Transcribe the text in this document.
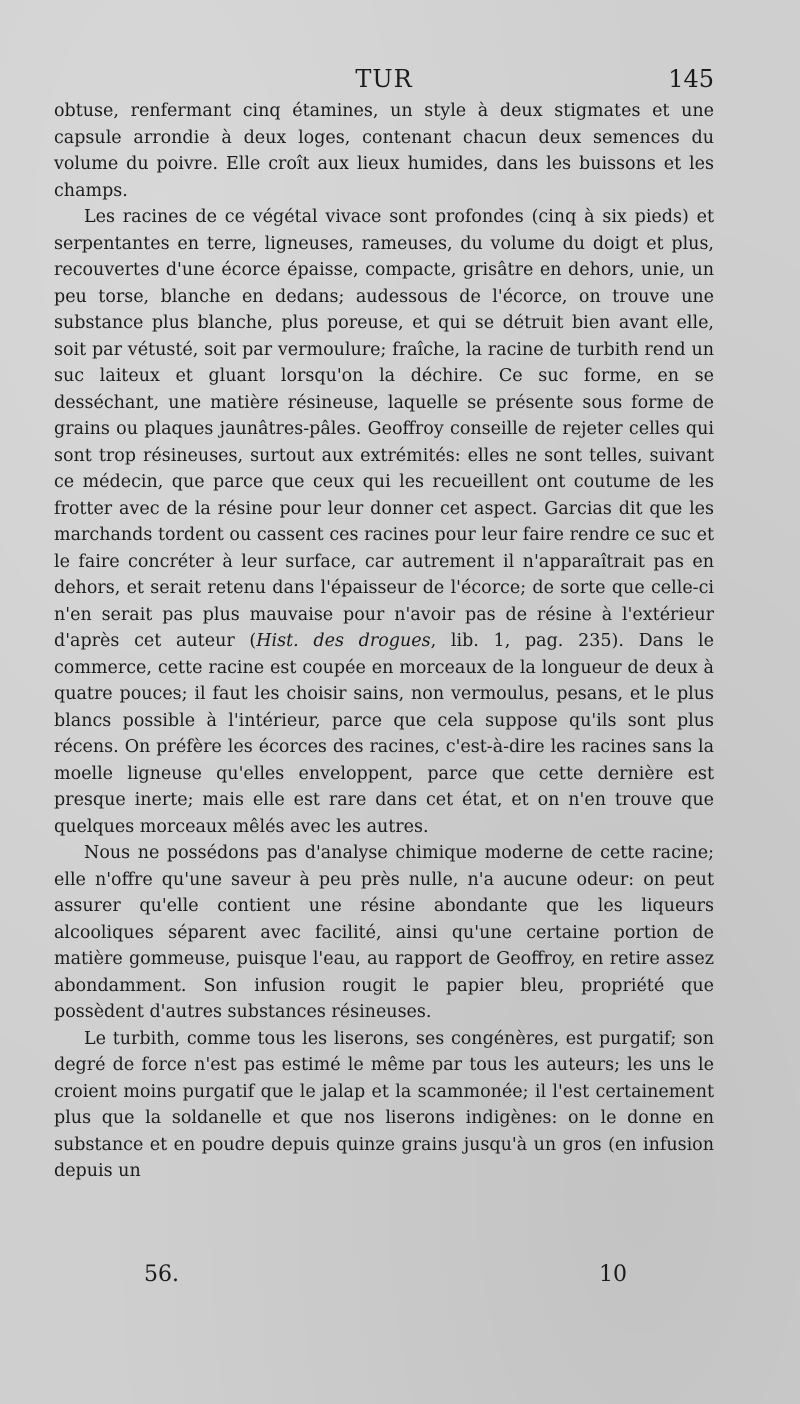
TUR	145

obtuse, renfermant cinq étamines, un style à deux stigmates et une capsule arrondie à deux loges, contenant chacun deux semences du volume du poivre. Elle croît aux lieux humides, dans les buissons et les champs.

Les racines de ce végétal vivace sont profondes (cinq à six pieds) et serpentantes en terre, ligneuses, rameuses, du volume du doigt et plus, recouvertes d'une écorce épaisse, compacte, grisâtre en dehors, unie, un peu torse, blanche en dedans; audessous de l'écorce, on trouve une substance plus blanche, plus poreuse, et qui se détruit bien avant elle, soit par vétusté, soit par vermoulure; fraîche, la racine de turbith rend un suc laiteux et gluant lorsqu'on la déchire. Ce suc forme, en se desséchant, une matière résineuse, laquelle se présente sous forme de grains ou plaques jaunâtres-pâles. Geoffroy conseille de rejeter celles qui sont trop résineuses, surtout aux extrémités: elles ne sont telles, suivant ce médecin, que parce que ceux qui les recueillent ont coutume de les frotter avec de la résine pour leur donner cet aspect. Garcias dit que les marchands tordent ou cassent ces racines pour leur faire rendre ce suc et le faire concréter à leur surface, car autrement il n'apparaîtrait pas en dehors, et serait retenu dans l'épaisseur de l'écorce; de sorte que celle-ci n'en serait pas plus mauvaise pour n'avoir pas de résine à l'extérieur d'après cet auteur (Hist. des drogues, lib. 1, pag. 235). Dans le commerce, cette racine est coupée en morceaux de la longueur de deux à quatre pouces; il faut les choisir sains, non vermoulus, pesans, et le plus blancs possible à l'intérieur, parce que cela suppose qu'ils sont plus récens. On préfère les écorces des racines, c'est-à-dire les racines sans la moelle ligneuse qu'elles enveloppent, parce que cette dernière est presque inerte; mais elle est rare dans cet état, et on n'en trouve que quelques morceaux mêlés avec les autres.

Nous ne possédons pas d'analyse chimique moderne de cette racine; elle n'offre qu'une saveur à peu près nulle, n'a aucune odeur: on peut assurer qu'elle contient une résine abondante que les liqueurs alcooliques séparent avec facilité, ainsi qu'une certaine portion de matière gommeuse, puisque l'eau, au rapport de Geoffroy, en retire assez abondamment. Son infusion rougit le papier bleu, propriété que possèdent d'autres substances résineuses.

Le turbith, comme tous les liserons, ses congénères, est purgatif; son degré de force n'est pas estimé le même par tous les auteurs; les uns le croient moins purgatif que le jalap et la scammonée; il l'est certainement plus que la soldanelle et que nos liserons indigènes: on le donne en substance et en poudre depuis quinze grains jusqu'à un gros (en infusion depuis un

56.	10
